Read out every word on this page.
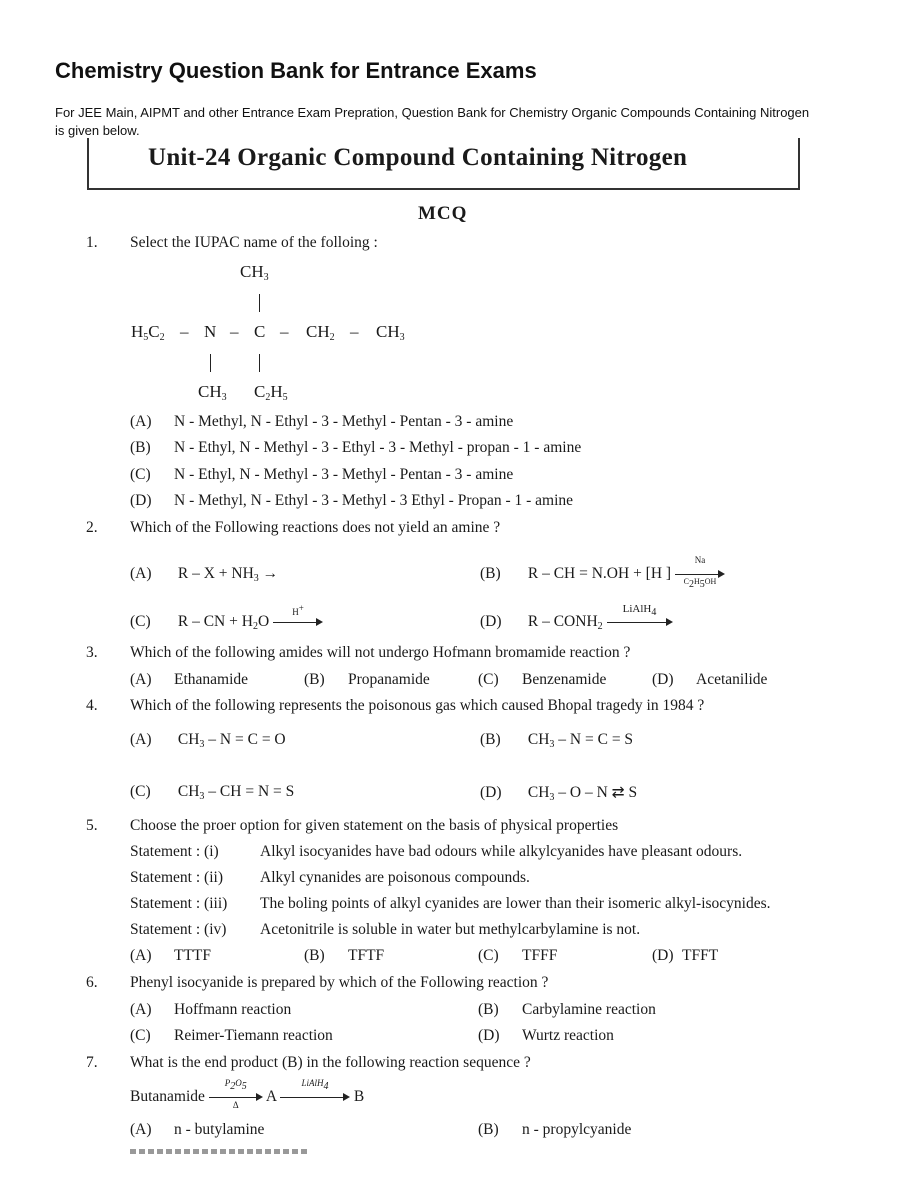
Chemistry Question Bank for Entrance Exams

For JEE Main, AIPMT and other Entrance Exam Prepration, Question Bank for Chemistry Organic Compounds Containing Nitrogen is given below.

Unit-24 Organic Compound Containing Nitrogen
MCQ
1. Select the IUPAC name of the folloing :
$CH_3$
$H_5C_2$ – N – C – $CH_2 - CH_3$
$CH_3$ $C_2H_5$
(A) N - Methyl, N - Ethyl - 3 - Methyl - Pentan - 3 - amine
(B) N - Ethyl, N - Methyl - 3 - Ethyl - 3 - Methyl - propan - 1 - amine
(C) N - Ethyl, N - Methyl - 3 - Methyl - Pentan - 3 - amine
(D) N - Methyl, N - Ethyl - 3 - Methyl - 3 Ethyl - Propan - 1 - amine
2. Which of the Following reactions does not yield an amine ?
(A) $R - X + NH_3$ →	(B) R – CH = N.OH + [H ]
Na
$C_2H_5OH$
(C) R – CN + $H_2O$
H+
(D) R – $CONH_2$
LiAlH$_4$
3. Which of the following amides will not undergo Hofmann bromamide reaction ?
(A) Ethanamide	(B) Propanamide	(C) Benzenamide	(D) Acetanilide
4. Which of the following represents the poisonous gas which caused Bhopal tragedy in 1984 ?
(A) $CH_3 - N = C = O$	(B) $CH_3 - N = C = S$
(C) $CH_3$ – CH = N = S	(D) $CH_3$ – O – N ⇄ S
5. Choose the proer option for given statement on the basis of physical properties
Statement : (i)	Alkyl isocyanides have bad odours while alkylcyanides have pleasant odours.
Statement : (ii) Alkyl cynanides are poisonous compounds.
Statement : (iii) The boling points of alkyl cyanides are lower than their isomeric alkyl-isocynides.
Statement : (iv) Acetonitrile is soluble in water but methylcarbylamine is not.
(A) TTTF	(B) TFTF	(C) TFFF	(D) TFFT
6. Phenyl isocyanide is prepared by which of the Following reaction ?
(A) Hoffmann reaction	(B) Carbylamine reaction
(C) Reimer-Tiemann reaction	(D) Wurtz reaction
7. What is the end product (B) in the following reaction sequence ?
Butanamide
$P_2O_5$
Δ
A
LiAlH$_4$
B
(A) n - butylamine	(B) n - propylcyanide
